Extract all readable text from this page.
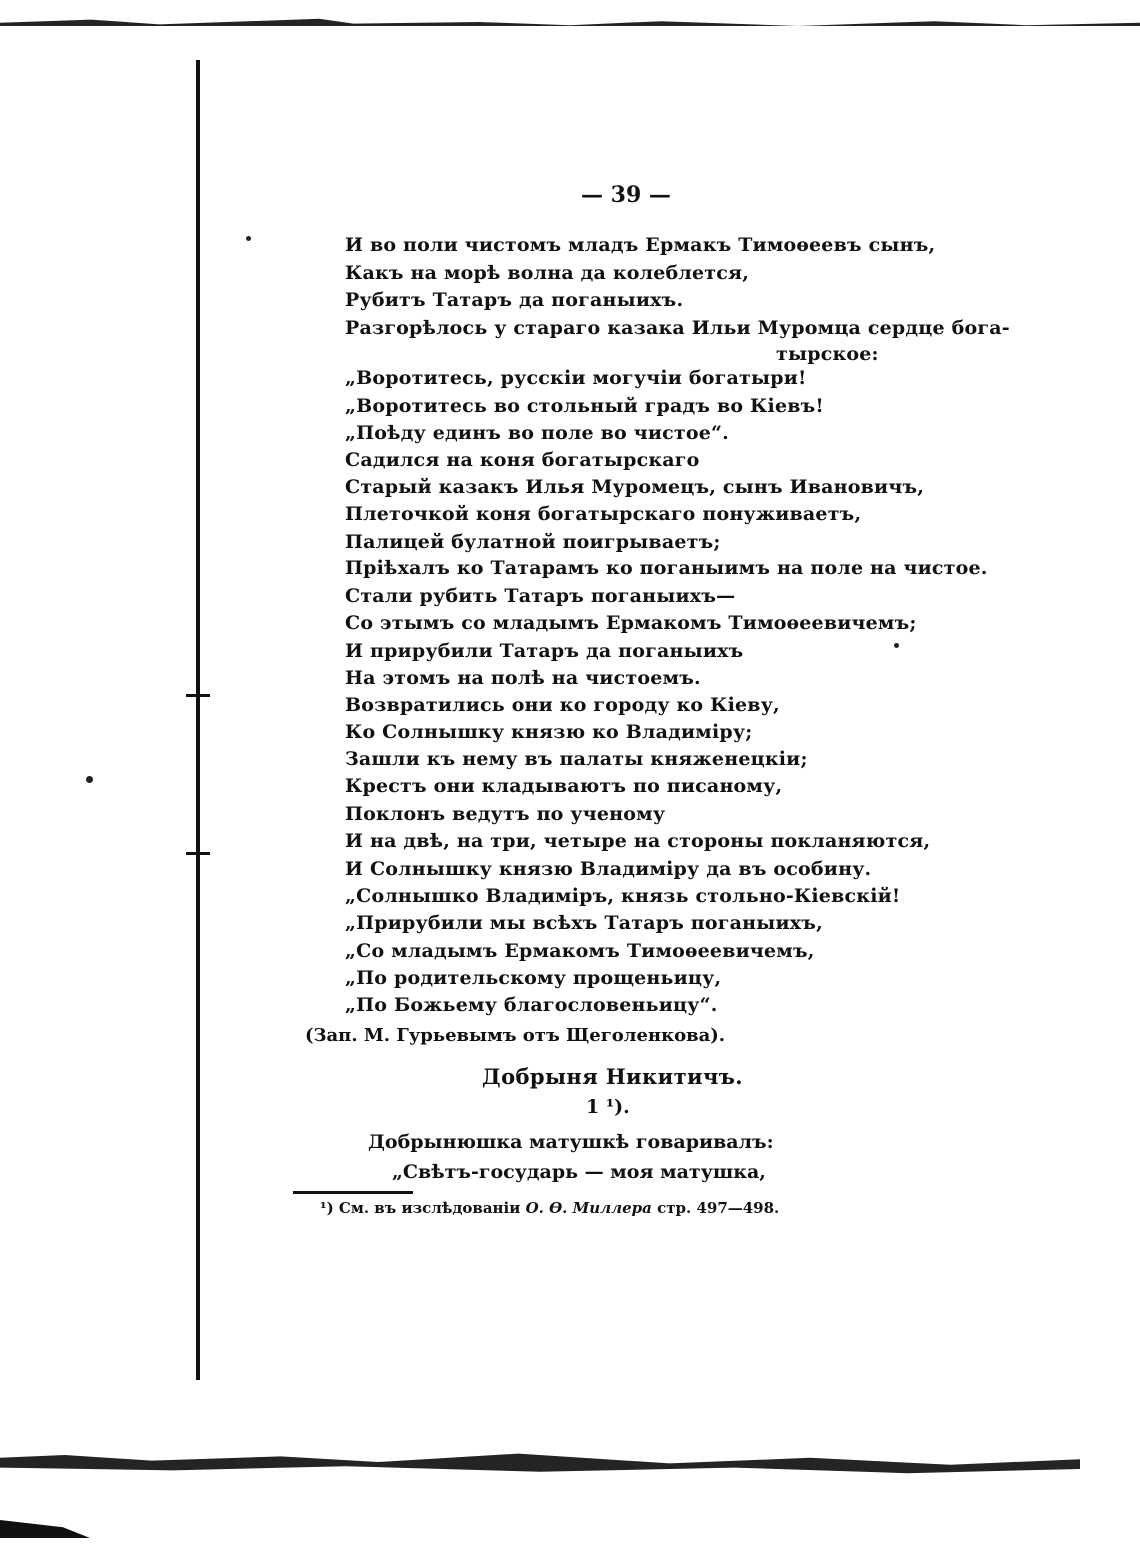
— 39 —
И во поли чистомъ младъ Ермакъ Тимоѳеевъ сынъ,
Какъ на морѣ волна да колеблется,
Рубитъ Татаръ да поганыихъ.
Разгорѣлось у стараго казака Ильи Муромца сердце бога-
тырское:
„Воротитесь, русскіи могучіи богатыри!
„Воротитесь во стольный градъ во Кіевъ!
„Поѣду единъ во поле во чистое“.
Садился на коня богатырскаго
Старый казакъ Илья Муромецъ, сынъ Ивановичъ,
Плеточкой коня богатырскаго понуживаетъ,
Палицей булатной поигрываетъ;
Пріѣхалъ ко Татарамъ ко поганыимъ на поле на чистое.
Стали рубить Татаръ поганыихъ—
Со этымъ со младымъ Ермакомъ Тимоѳеевичемъ;
И прирубили Татаръ да поганыихъ
На этомъ на полѣ на чистоемъ.
Возвратились они ко городу ко Кіеву,
Ко Солнышку князю ко Владиміру;
Зашли къ нему въ палаты княженецкіи;
Крестъ они кладываютъ по писаному,
Поклонъ ведутъ по ученому
И на двѣ, на три, четыре на стороны покланяются,
И Солнышку князю Владиміру да въ особину.
„Солнышко Владиміръ, князь стольно-Кіевскій!
„Прирубили мы всѣхъ Татаръ поганыихъ,
„Со младымъ Ермакомъ Тимоѳеевичемъ,
„По родительскому прощеньицу,
„По Божьему благословеньицу“.
(Зап. М. Гурьевымъ отъ Щеголенкова).
Добрыня Никитичъ.
1 ¹).
Добрынюшка матушкѣ говаривалъ:
„Свѣтъ-государь — моя матушка,
¹) См. въ изслѣдованіи О. Ѳ. Миллера стр. 497—498.
